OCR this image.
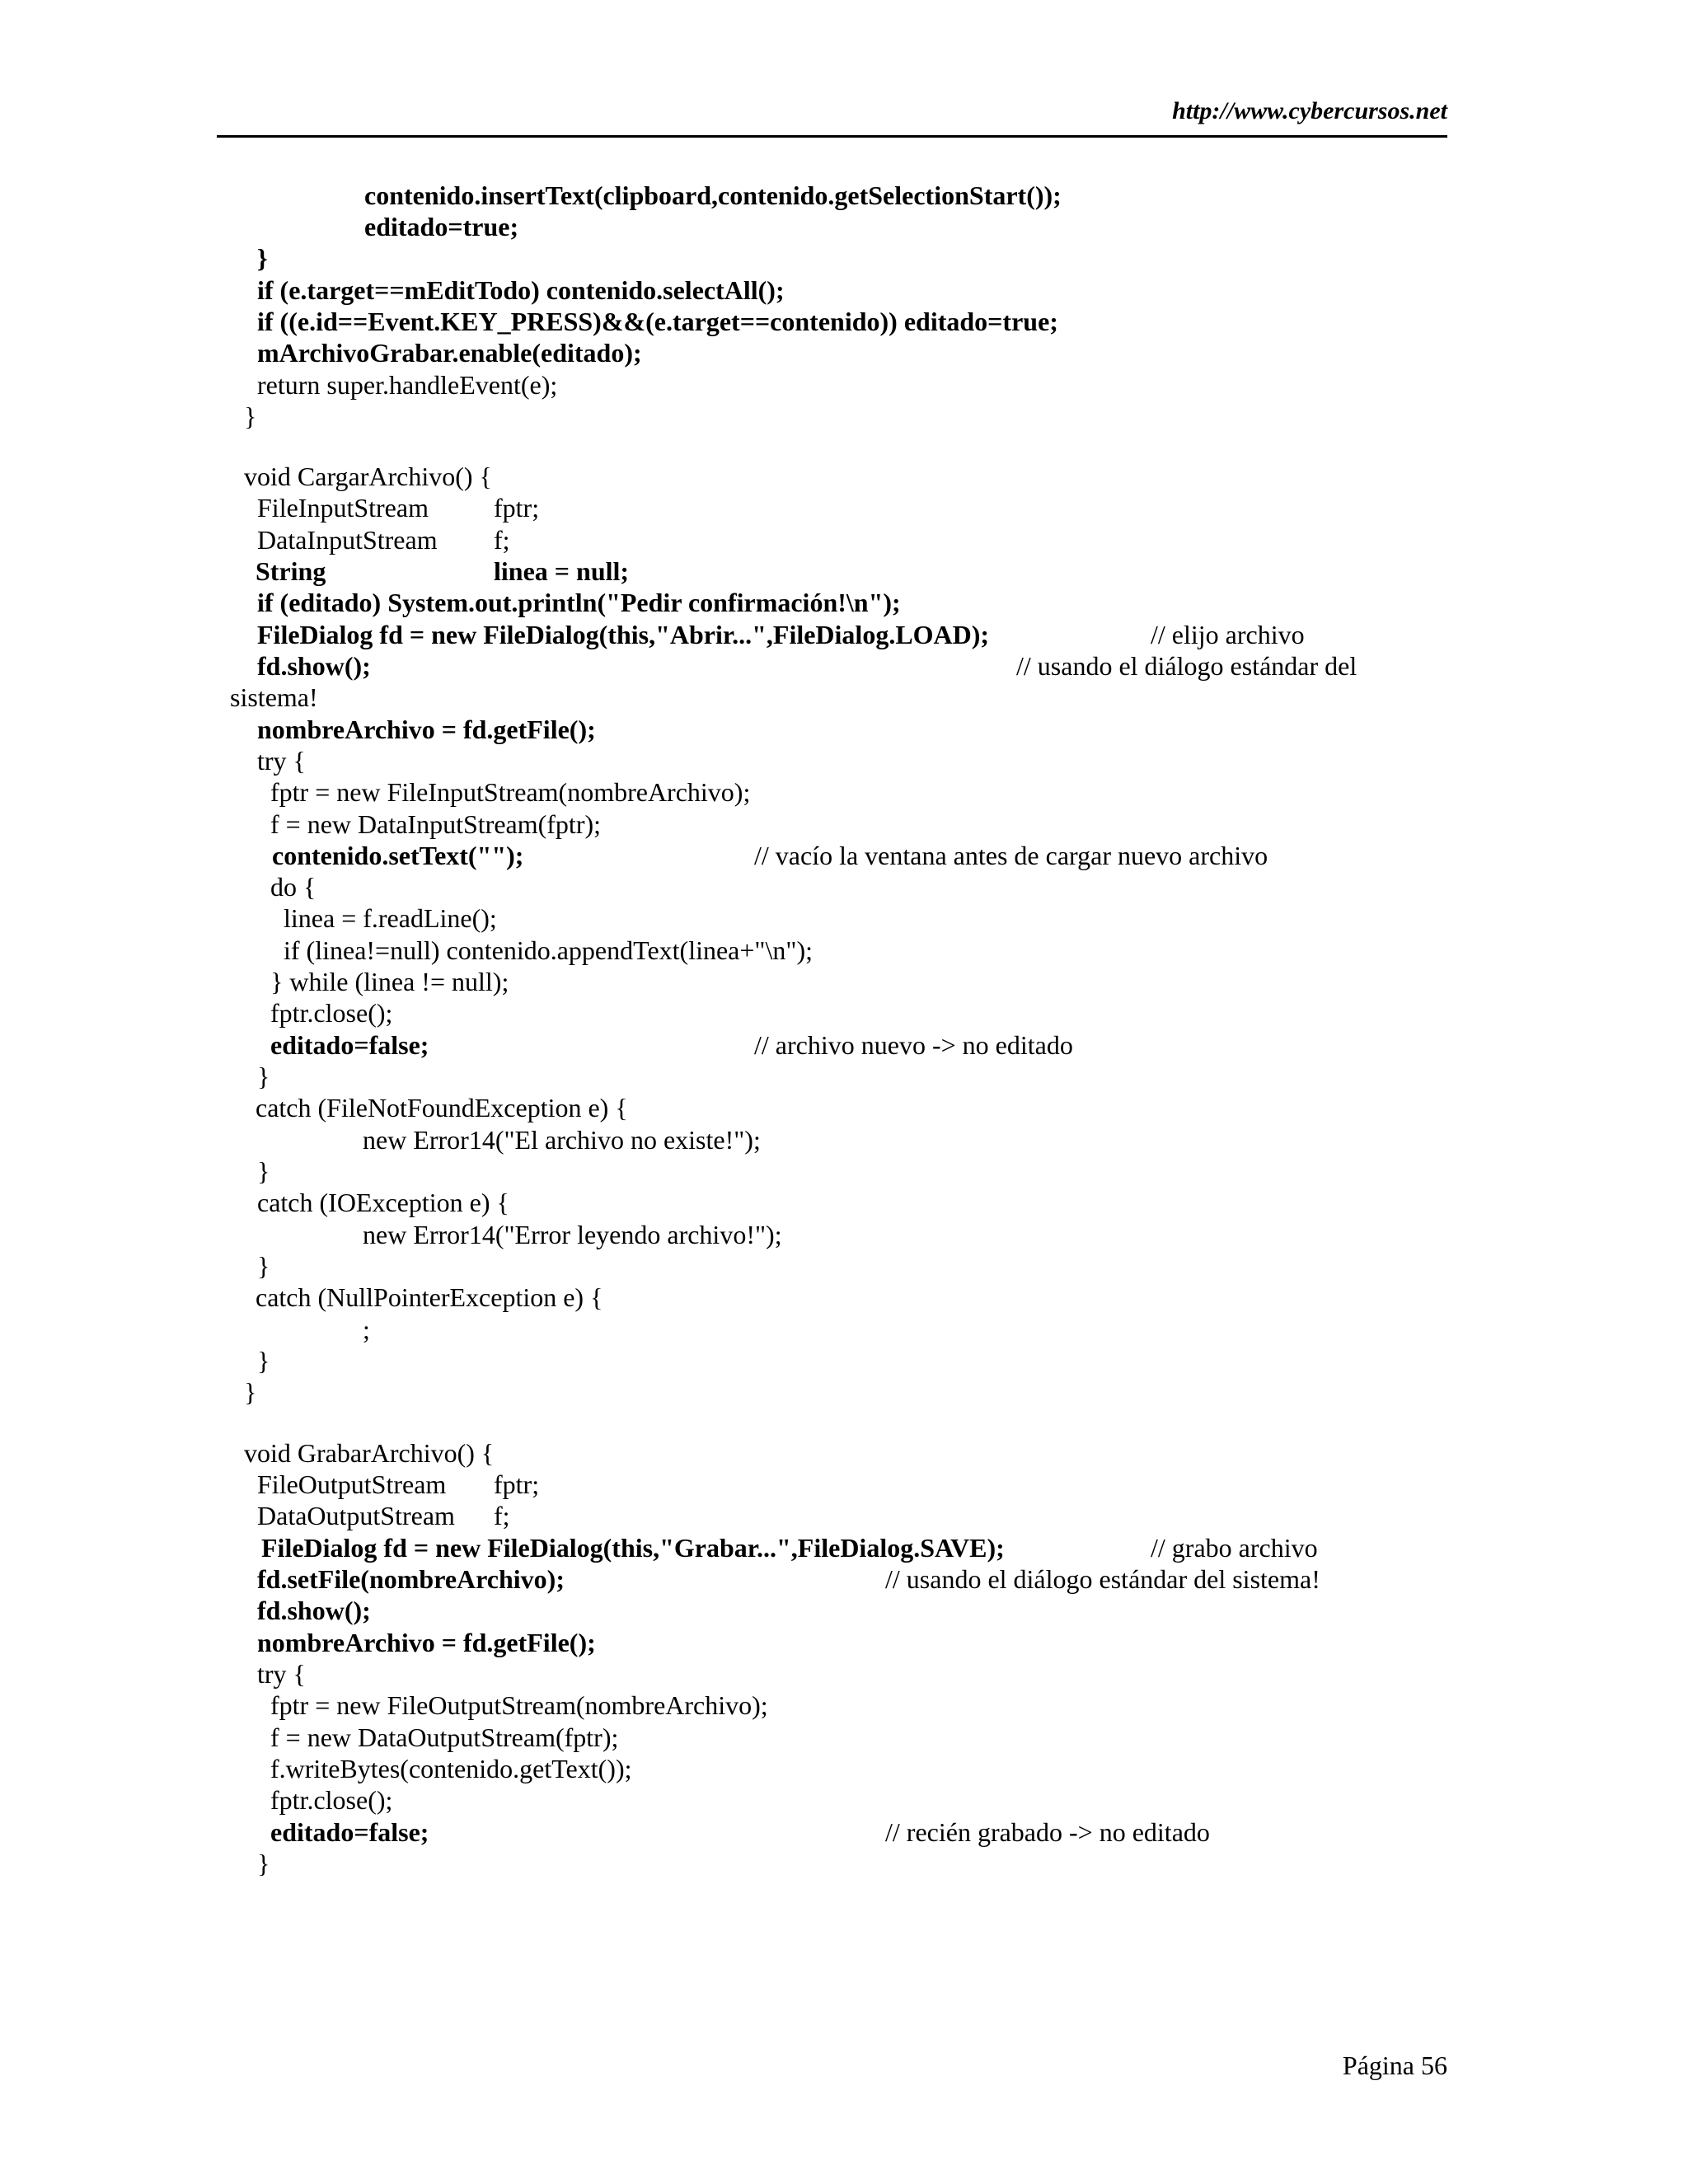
http://www.cybercursos.net
contenido.insertText(clipboard,contenido.getSelectionStart());
editado=true;
}
if (e.target==mEditTodo) contenido.selectAll();
if ((e.id==Event.KEY_PRESS)&&(e.target==contenido)) editado=true;
mArchivoGrabar.enable(editado);
return super.handleEvent(e);
}
void CargarArchivo() {
FileInputStream fptr;
DataInputStream f;
String	linea = null;
if (editado) System.out.println("Pedir confirmación!\n");
FileDialog fd = new FileDialog(this,"Abrir...",FileDialog.LOAD);	// elijo archivo
fd.show();	// usando el diálogo estándar del
sistema!
nombreArchivo = fd.getFile();
try {
fptr = new FileInputStream(nombreArchivo);
f = new DataInputStream(fptr);
contenido.setText("");	// vacío la ventana antes de cargar nuevo archivo
do {
linea = f.readLine();
if (linea!=null) contenido.appendText(linea+"\n");
} while (linea != null);
fptr.close();
editado=false;	// archivo nuevo -> no editado
}
catch (FileNotFoundException e) {
new Error14("El archivo no existe!");
}
catch (IOException e) {
new Error14("Error leyendo archivo!");
}
catch (NullPointerException e) {
;
}
}
void GrabarArchivo() {
FileOutputStream fptr;
DataOutputStream f;
FileDialog fd = new FileDialog(this,"Grabar...",FileDialog.SAVE);	// grabo archivo
fd.setFile(nombreArchivo);	// usando el diálogo estándar del sistema!
fd.show();
nombreArchivo = fd.getFile();
try {
fptr = new FileOutputStream(nombreArchivo);
f = new DataOutputStream(fptr);
f.writeBytes(contenido.getText());
fptr.close();
editado=false;	// recién grabado -> no editado
}
Página 56
